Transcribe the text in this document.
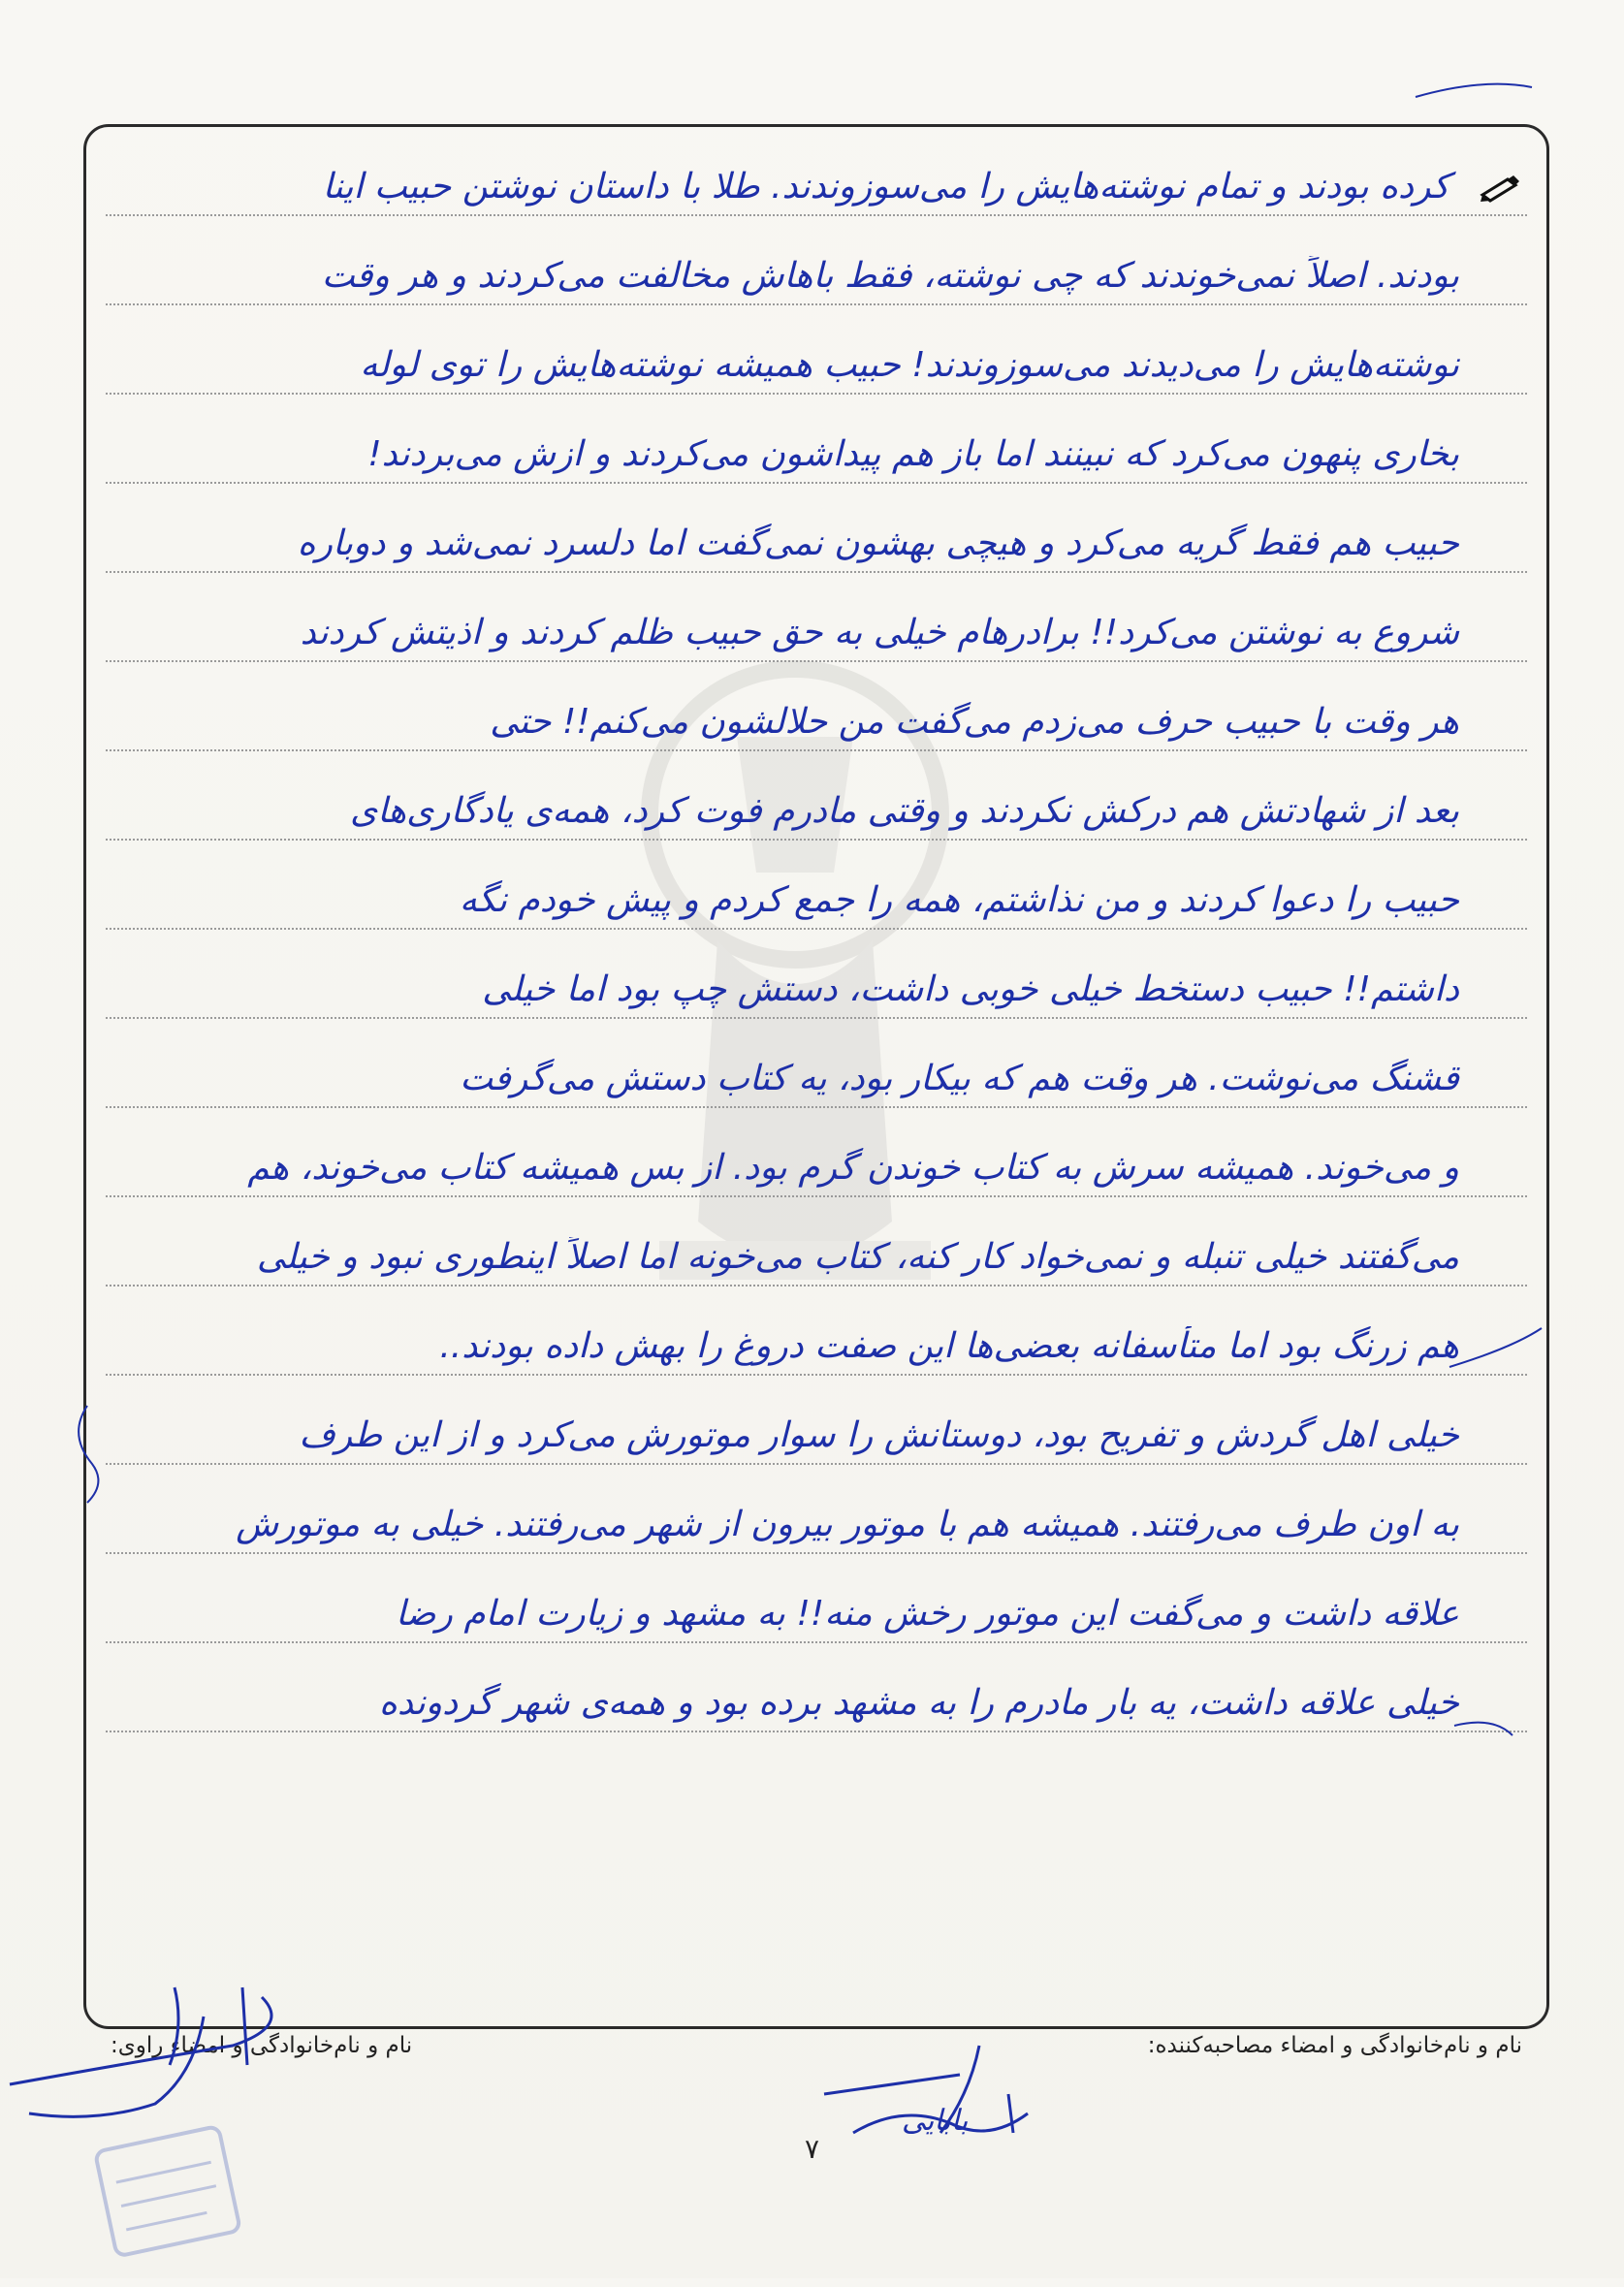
کرده بودند و تمام نوشته‌هایش را می‌سوزوندند. طلا با داستان نوشتن حبیب اینا
بودند. اصلاً نمی‌خوندند که چی نوشته، فقط با‌هاش مخالفت می‌کردند و هر وقت
نوشته‌هایش را می‌دیدند می‌سوزوندند! حبیب همیشه نوشته‌هایش را توی لوله
بخاری پنهون می‌کرد که نبینند اما باز هم پیداشون می‌کردند و ازش می‌بردند!
حبیب هم فقط گریه می‌کرد و هیچی بهشون نمی‌گفت اما دلسرد نمی‌شد و دوباره
شروع به نوشتن می‌کرد!! برادرهام خیلی به حق حبیب ظلم کردند و اذیتش کردند
هر وقت با حبیب حرف می‌زدم می‌گفت من حلالشون می‌کنم!! حتی
بعد از شهادتش هم درکش نکردند و وقتی مادرم فوت کرد، همه‌ی یادگاری‌های
حبیب را دعوا کردند و من نذاشتم، همه را جمع کردم و پیش خودم نگه
داشتم!! حبیب دستخط خیلی خوبی داشت، دستش چپ بود اما خیلی
قشنگ می‌نوشت. هر وقت هم که بیکار بود، یه کتاب دستش می‌گرفت
و می‌خوند. همیشه سرش به کتاب خوندن گرم بود. از بس همیشه کتاب می‌خوند، هم
می‌گفتند خیلی تنبله و نمی‌خواد کار کنه، کتاب می‌خونه اما اصلاً اینطوری نبود و خیلی
هم زرنگ بود اما متأسفانه بعضی‌ها این صفت دروغ را بهش داده بودند..
خیلی اهل گردش و تفریح بود، دوستانش را سوار موتورش می‌کرد و از این طرف
به اون طرف می‌رفتند. همیشه هم با موتور بیرون از شهر می‌رفتند. خیلی به موتورش
علاقه داشت و می‌گفت این موتور رخش منه!! به مشهد و زیارت امام رضا
خیلی علاقه داشت، یه بار مادرم را به مشهد برده بود و همه‌ی شهر گردونده
نام و نام‌خانوادگی و امضاء مصاحبه‌کننده:
نام و نام‌خانوادگی و امضاء راوی:
بابایی
۷
